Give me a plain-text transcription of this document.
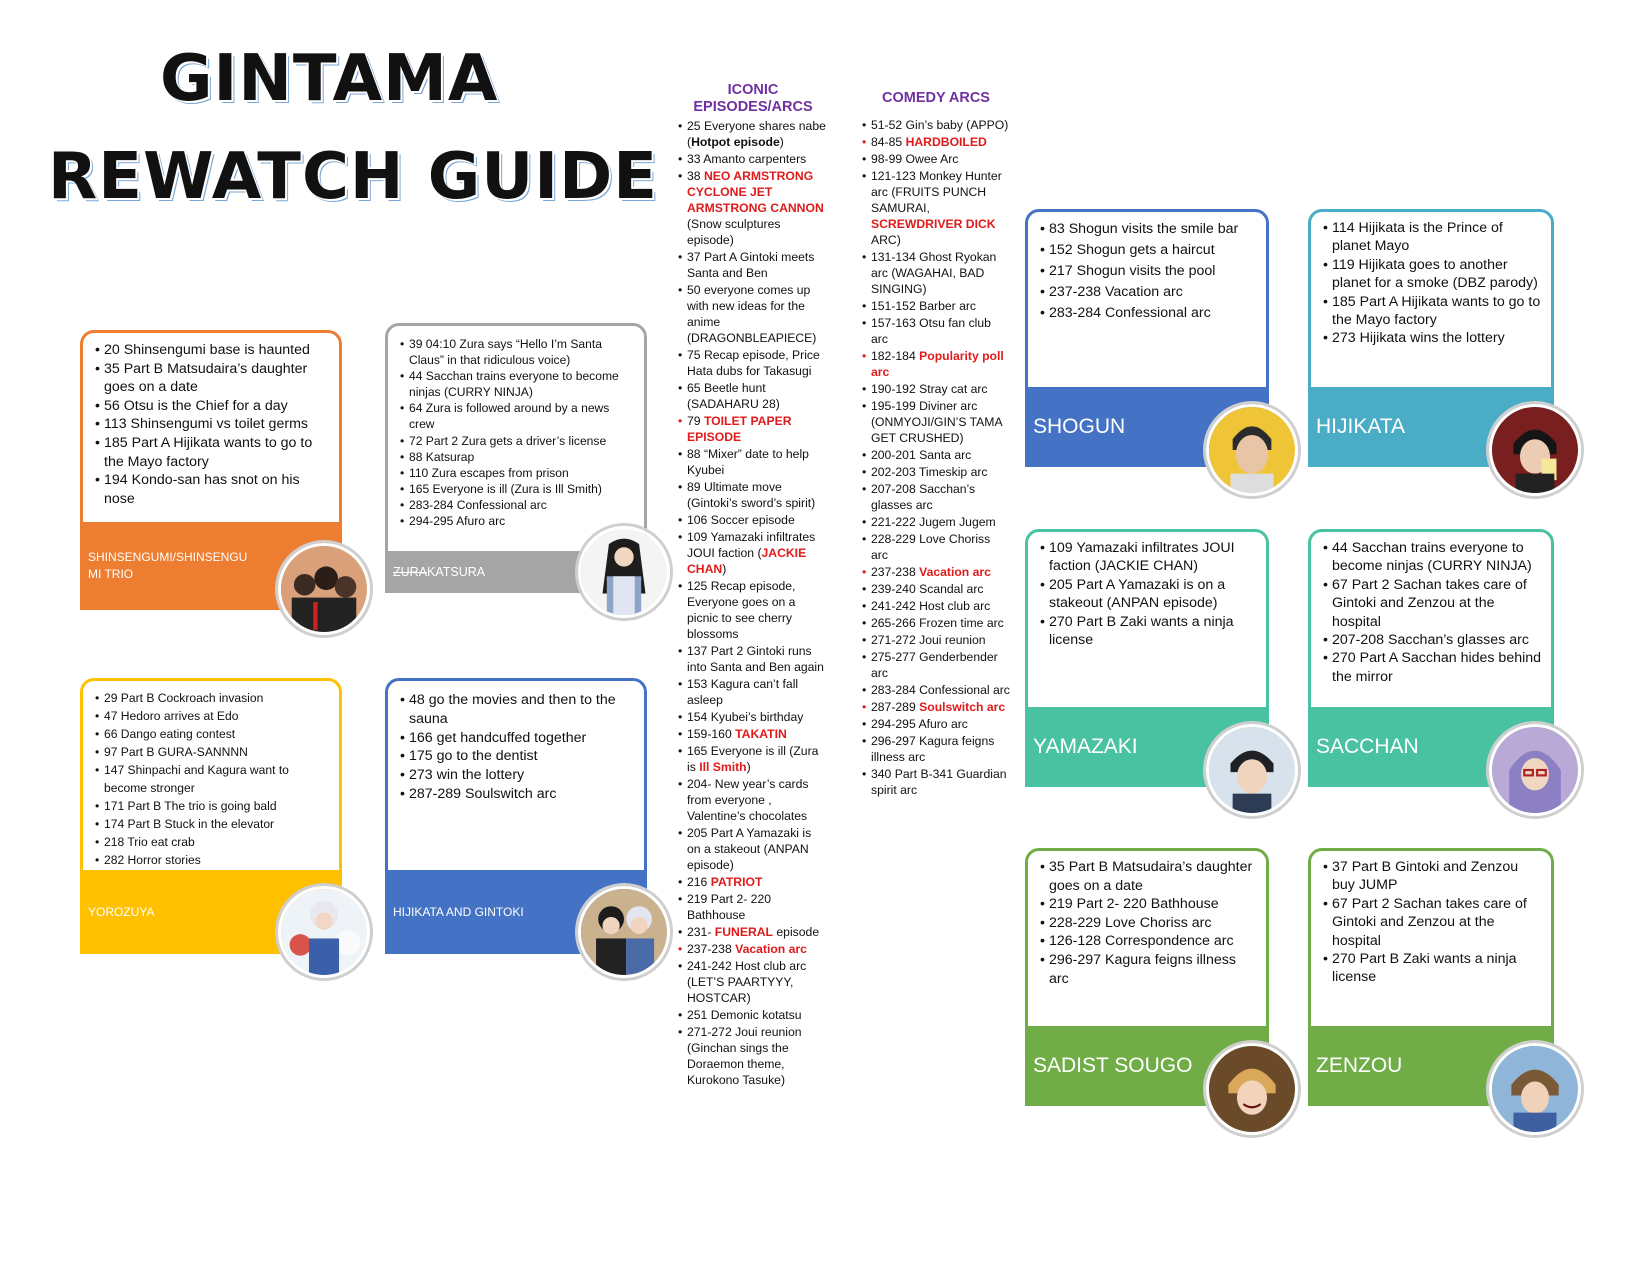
GINTAMA
REWATCH GUIDE
• 20 Shinsengumi base is haunted
• 35 Part B Matsudaira’s daughter goes on a date
• 56 Otsu is the Chief for a day
• 113 Shinsengumi vs toilet germs
• 185 Part A Hijikata wants to go to the Mayo factory
• 194 Kondo-san has snot on his nose
SHINSENGUMI/SHINSENGU MI TRIO
• 39 04:10 Zura says “Hello I’m Santa Claus” in that ridiculous voice)
• 44 Sacchan trains everyone to become ninjas (CURRY NINJA)
• 64 Zura is followed around by a news crew
• 72 Part 2 Zura gets a driver’s license
• 88 Katsurap
• 110 Zura escapes from prison
• 165 Everyone is ill (Zura is Ill Smith)
• 283-284 Confessional arc
• 294-295 Afuro arc
ZURA KATSURA
• 29 Part B Cockroach invasion
• 47 Hedoro arrives at Edo
• 66 Dango eating contest
• 97 Part B GURA-SANNNN
• 147 Shinpachi and Kagura want to become stronger
• 171 Part B The trio is going bald
• 174 Part B Stuck in the elevator
• 218 Trio eat crab
• 282 Horror stories
YOROZUYA
• 48 go the movies and then to the sauna
• 166 get handcuffed together
• 175 go to the dentist
• 273 win the lottery
• 287-289 Soulswitch arc
HIJIKATA AND GINTOKI
ICONIC EPISODES/ARCS
• 25 Everyone shares nabe (Hotpot episode)
• 33 Amanto carpenters
• 38 NEO ARMSTRONG CYCLONE JET ARMSTRONG CANNON (Snow sculptures episode)
• 37 Part A Gintoki meets Santa and Ben
• 50 everyone comes up with new ideas for the anime (DRAGONBLEAPIECE)
• 75 Recap episode, Price Hata dubs for Takasugi
• 65 Beetle hunt (SADAHARU 28)
• 79 TOILET PAPER EPISODE
• 88 “Mixer” date to help Kyubei
• 89 Ultimate move (Gintoki’s sword’s spirit)
• 106 Soccer episode
• 109 Yamazaki infiltrates JOUI faction (JACKIE CHAN)
• 125 Recap episode, Everyone goes on a picnic to see cherry blossoms
• 137 Part 2 Gintoki runs into Santa and Ben again
• 153 Kagura can’t fall asleep
• 154 Kyubei’s birthday
• 159-160 TAKATIN
• 165 Everyone is ill (Zura is Ill Smith)
• 204- New year’s cards from everyone , Valentine’s chocolates
• 205 Part A Yamazaki is on a stakeout (ANPAN episode)
• 216 PATRIOT
• 219 Part 2- 220 Bathhouse
• 231- FUNERAL episode
• 237-238 Vacation arc
• 241-242 Host club arc (LET’S PAARTYYY, HOSTCAR)
• 251 Demonic kotatsu
• 271-272 Joui reunion (Ginchan sings the Doraemon theme, Kurokono Tasuke)
COMEDY ARCS
• 51-52 Gin’s baby (APPO)
• 84-85 HARDBOILED
• 98-99 Owee Arc
• 121-123 Monkey Hunter arc (FRUITS PUNCH SAMURAI, SCREWDRIVER DICK ARC)
• 131-134 Ghost Ryokan arc (WAGAHAI, BAD SINGING)
• 151-152 Barber arc
• 157-163 Otsu fan club arc
• 182-184 Popularity poll arc
• 190-192 Stray cat arc
• 195-199 Diviner arc (ONMYOJI/GIN’S TAMA GET CRUSHED)
• 200-201 Santa arc
• 202-203 Timeskip arc
• 207-208 Sacchan’s glasses arc
• 221-222 Jugem Jugem
• 228-229 Love Choriss arc
• 237-238 Vacation arc
• 239-240 Scandal arc
• 241-242 Host club arc
• 265-266 Frozen time arc
• 271-272 Joui reunion
• 275-277 Genderbender arc
• 283-284 Confessional arc
• 287-289 Soulswitch arc
• 294-295 Afuro arc
• 296-297 Kagura feigns illness arc
• 340 Part B-341 Guardian spirit arc
• 83 Shogun visits the smile bar
• 152 Shogun gets a haircut
• 217 Shogun visits the pool
• 237-238 Vacation arc
• 283-284 Confessional arc
SHOGUN
• 114 Hijikata is the Prince of planet Mayo
• 119 Hijikata goes to another planet for a smoke (DBZ parody)
• 185 Part A Hijikata wants to go to the Mayo factory
• 273 Hijikata wins the lottery
HIJIKATA
• 109 Yamazaki infiltrates JOUI faction (JACKIE CHAN)
• 205 Part A Yamazaki is on a stakeout (ANPAN episode)
• 270 Part B Zaki wants a ninja license
YAMAZAKI
• 44 Sacchan trains everyone to become ninjas (CURRY NINJA)
• 67 Part 2 Sachan takes care of Gintoki and Zenzou at the hospital
• 207-208 Sacchan’s glasses arc
• 270 Part A Sacchan hides behind the mirror
SACCHAN
• 35 Part B Matsudaira’s daughter goes on a date
• 219 Part 2- 220 Bathhouse
• 228-229 Love Choriss arc
• 126-128 Correspondence arc
• 296-297 Kagura feigns illness arc
SADIST SOUGO
• 37 Part B Gintoki and Zenzou buy JUMP
• 67 Part 2 Sachan takes care of Gintoki and Zenzou at the hospital
• 270 Part B Zaki wants a ninja license
ZENZOU
